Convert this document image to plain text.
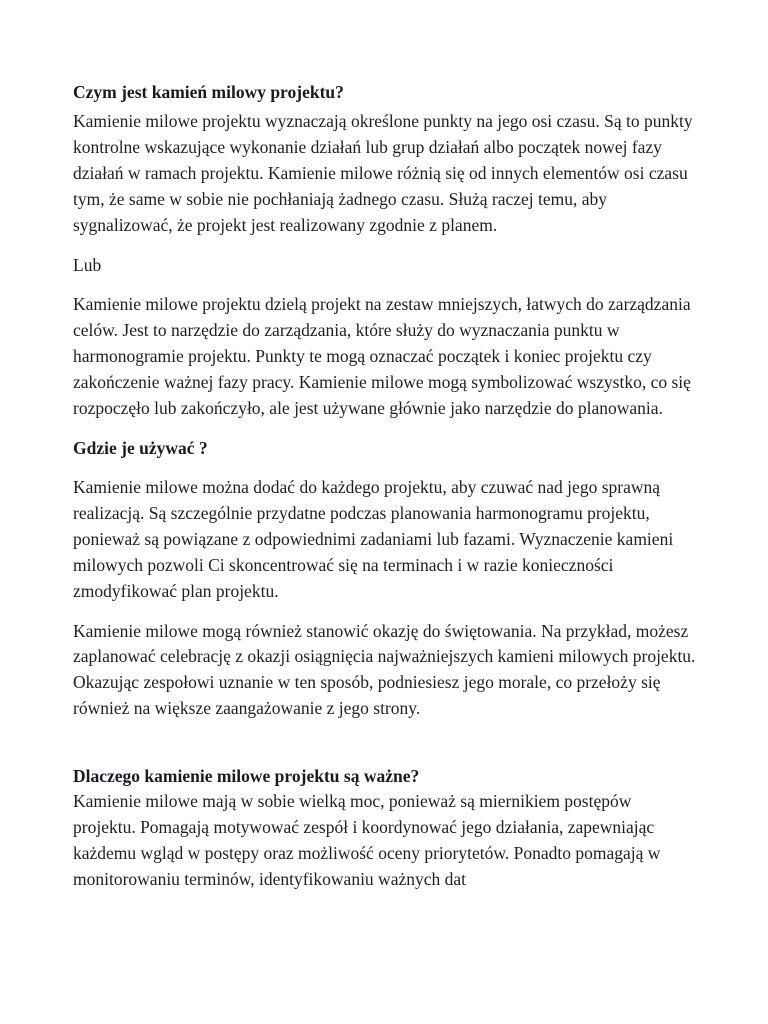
Czym jest kamień milowy projektu?

Kamienie milowe projektu wyznaczają określone punkty na jego osi czasu. Są to punkty kontrolne wskazujące wykonanie działań lub grup działań albo początek nowej fazy działań w ramach projektu. Kamienie milowe różnią się od innych elementów osi czasu tym, że same w sobie nie pochłaniają żadnego czasu. Służą raczej temu, aby sygnalizować, że projekt jest realizowany zgodnie z planem.

Lub

Kamienie milowe projektu dzielą projekt na zestaw mniejszych, łatwych do zarządzania celów. Jest to narzędzie do zarządzania, które służy do wyznaczania punktu w harmonogramie projektu. Punkty te mogą oznaczać początek i koniec projektu czy zakończenie ważnej fazy pracy. Kamienie milowe mogą symbolizować wszystko, co się rozpoczęło lub zakończyło, ale jest używane głównie jako narzędzie do planowania.

Gdzie je używać ?

Kamienie milowe można dodać do każdego projektu, aby czuwać nad jego sprawną realizacją. Są szczególnie przydatne podczas planowania harmonogramu projektu, ponieważ są powiązane z odpowiednimi zadaniami lub fazami. Wyznaczenie kamieni milowych pozwoli Ci skoncentrować się na terminach i w razie konieczności zmodyfikować plan projektu.

Kamienie milowe mogą również stanowić okazję do świętowania. Na przykład, możesz zaplanować celebrację z okazji osiągnięcia najważniejszych kamieni milowych projektu. Okazując zespołowi uznanie w ten sposób, podniesiesz jego morale, co przełoży się również na większe zaangażowanie z jego strony.

Dlaczego kamienie milowe projektu są ważne?

Kamienie milowe mają w sobie wielką moc, ponieważ są miernikiem postępów projektu. Pomagają motywować zespół i koordynować jego działania, zapewniając każdemu wgląd w postępy oraz możliwość oceny priorytetów. Ponadto pomagają w monitorowaniu terminów, identyfikowaniu ważnych dat
